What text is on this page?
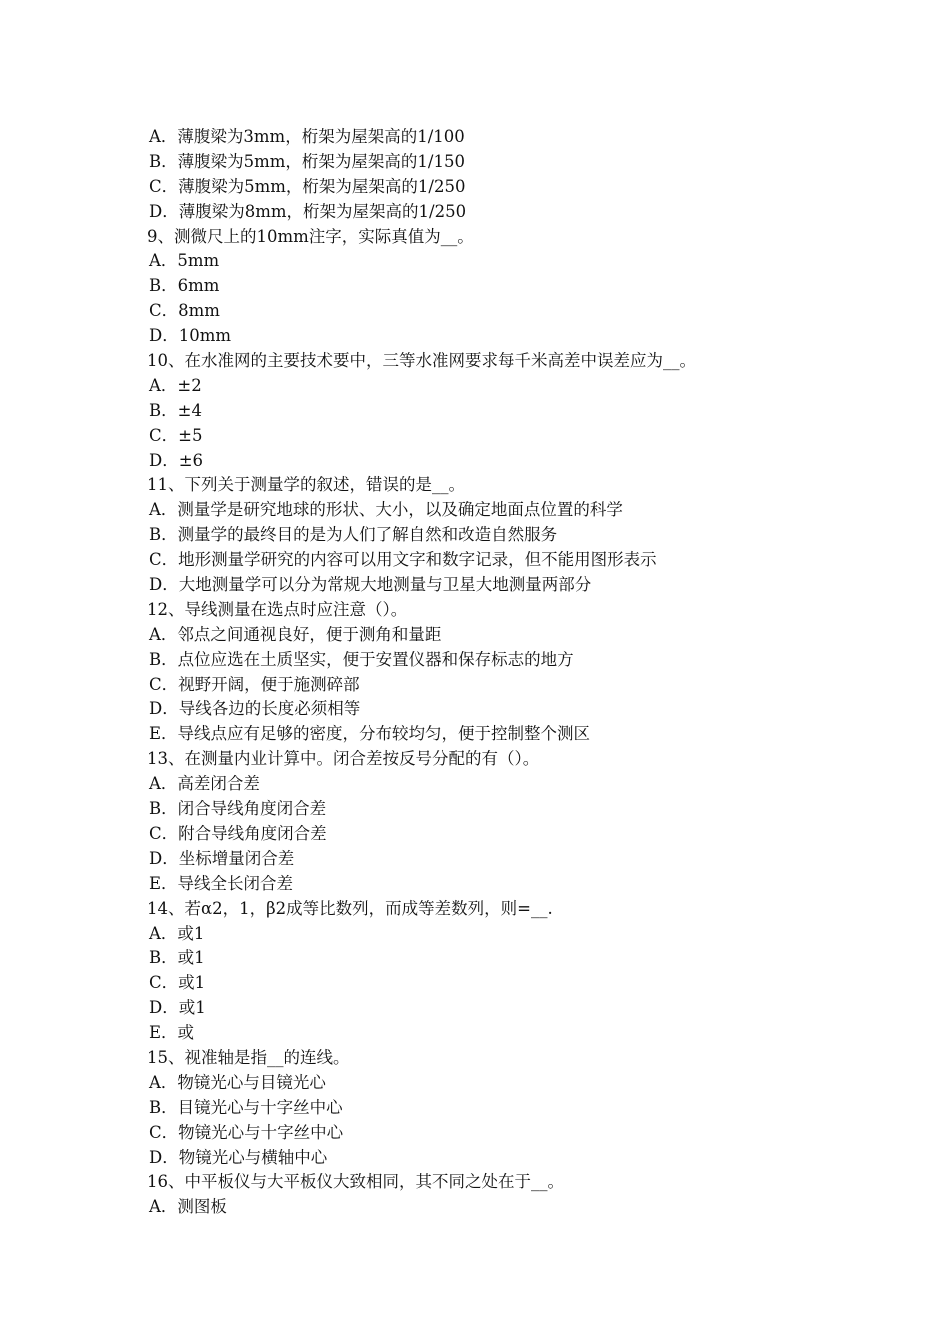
A．薄腹梁为3mm，桁架为屋架高的1/100
B．薄腹梁为5mm，桁架为屋架高的1/150
C．薄腹梁为5mm，桁架为屋架高的1/250
D．薄腹梁为8mm，桁架为屋架高的1/250
9、测微尺上的10mm注字，实际真值为__。
A．5mm
B．6mm
C．8mm
D．10mm
10、在水准网的主要技术要中，三等水准网要求每千米高差中误差应为__。
A．±2
B．±4
C．±5
D．±6
11、下列关于测量学的叙述，错误的是__。
A．测量学是研究地球的形状、大小，以及确定地面点位置的科学
B．测量学的最终目的是为人们了解自然和改造自然服务
C．地形测量学研究的内容可以用文字和数字记录，但不能用图形表示
D．大地测量学可以分为常规大地测量与卫星大地测量两部分
12、导线测量在选点时应注意（）。
A．邻点之间通视良好，便于测角和量距
B．点位应选在土质坚实，便于安置仪器和保存标志的地方
C．视野开阔，便于施测碎部
D．导线各边的长度必须相等
E．导线点应有足够的密度，分布较均匀，便于控制整个测区
13、在测量内业计算中。闭合差按反号分配的有（）。
A．高差闭合差
B．闭合导线角度闭合差
C．附合导线角度闭合差
D．坐标增量闭合差
E．导线全长闭合差
14、若α2，1，β2成等比数列，而成等差数列，则=__.
A．或1
B．或1
C．或1
D．或1
E．或
15、视准轴是指__的连线。
A．物镜光心与目镜光心
B．目镜光心与十字丝中心
C．物镜光心与十字丝中心
D．物镜光心与横轴中心
16、中平板仪与大平板仪大致相同，其不同之处在于__。
A．测图板
